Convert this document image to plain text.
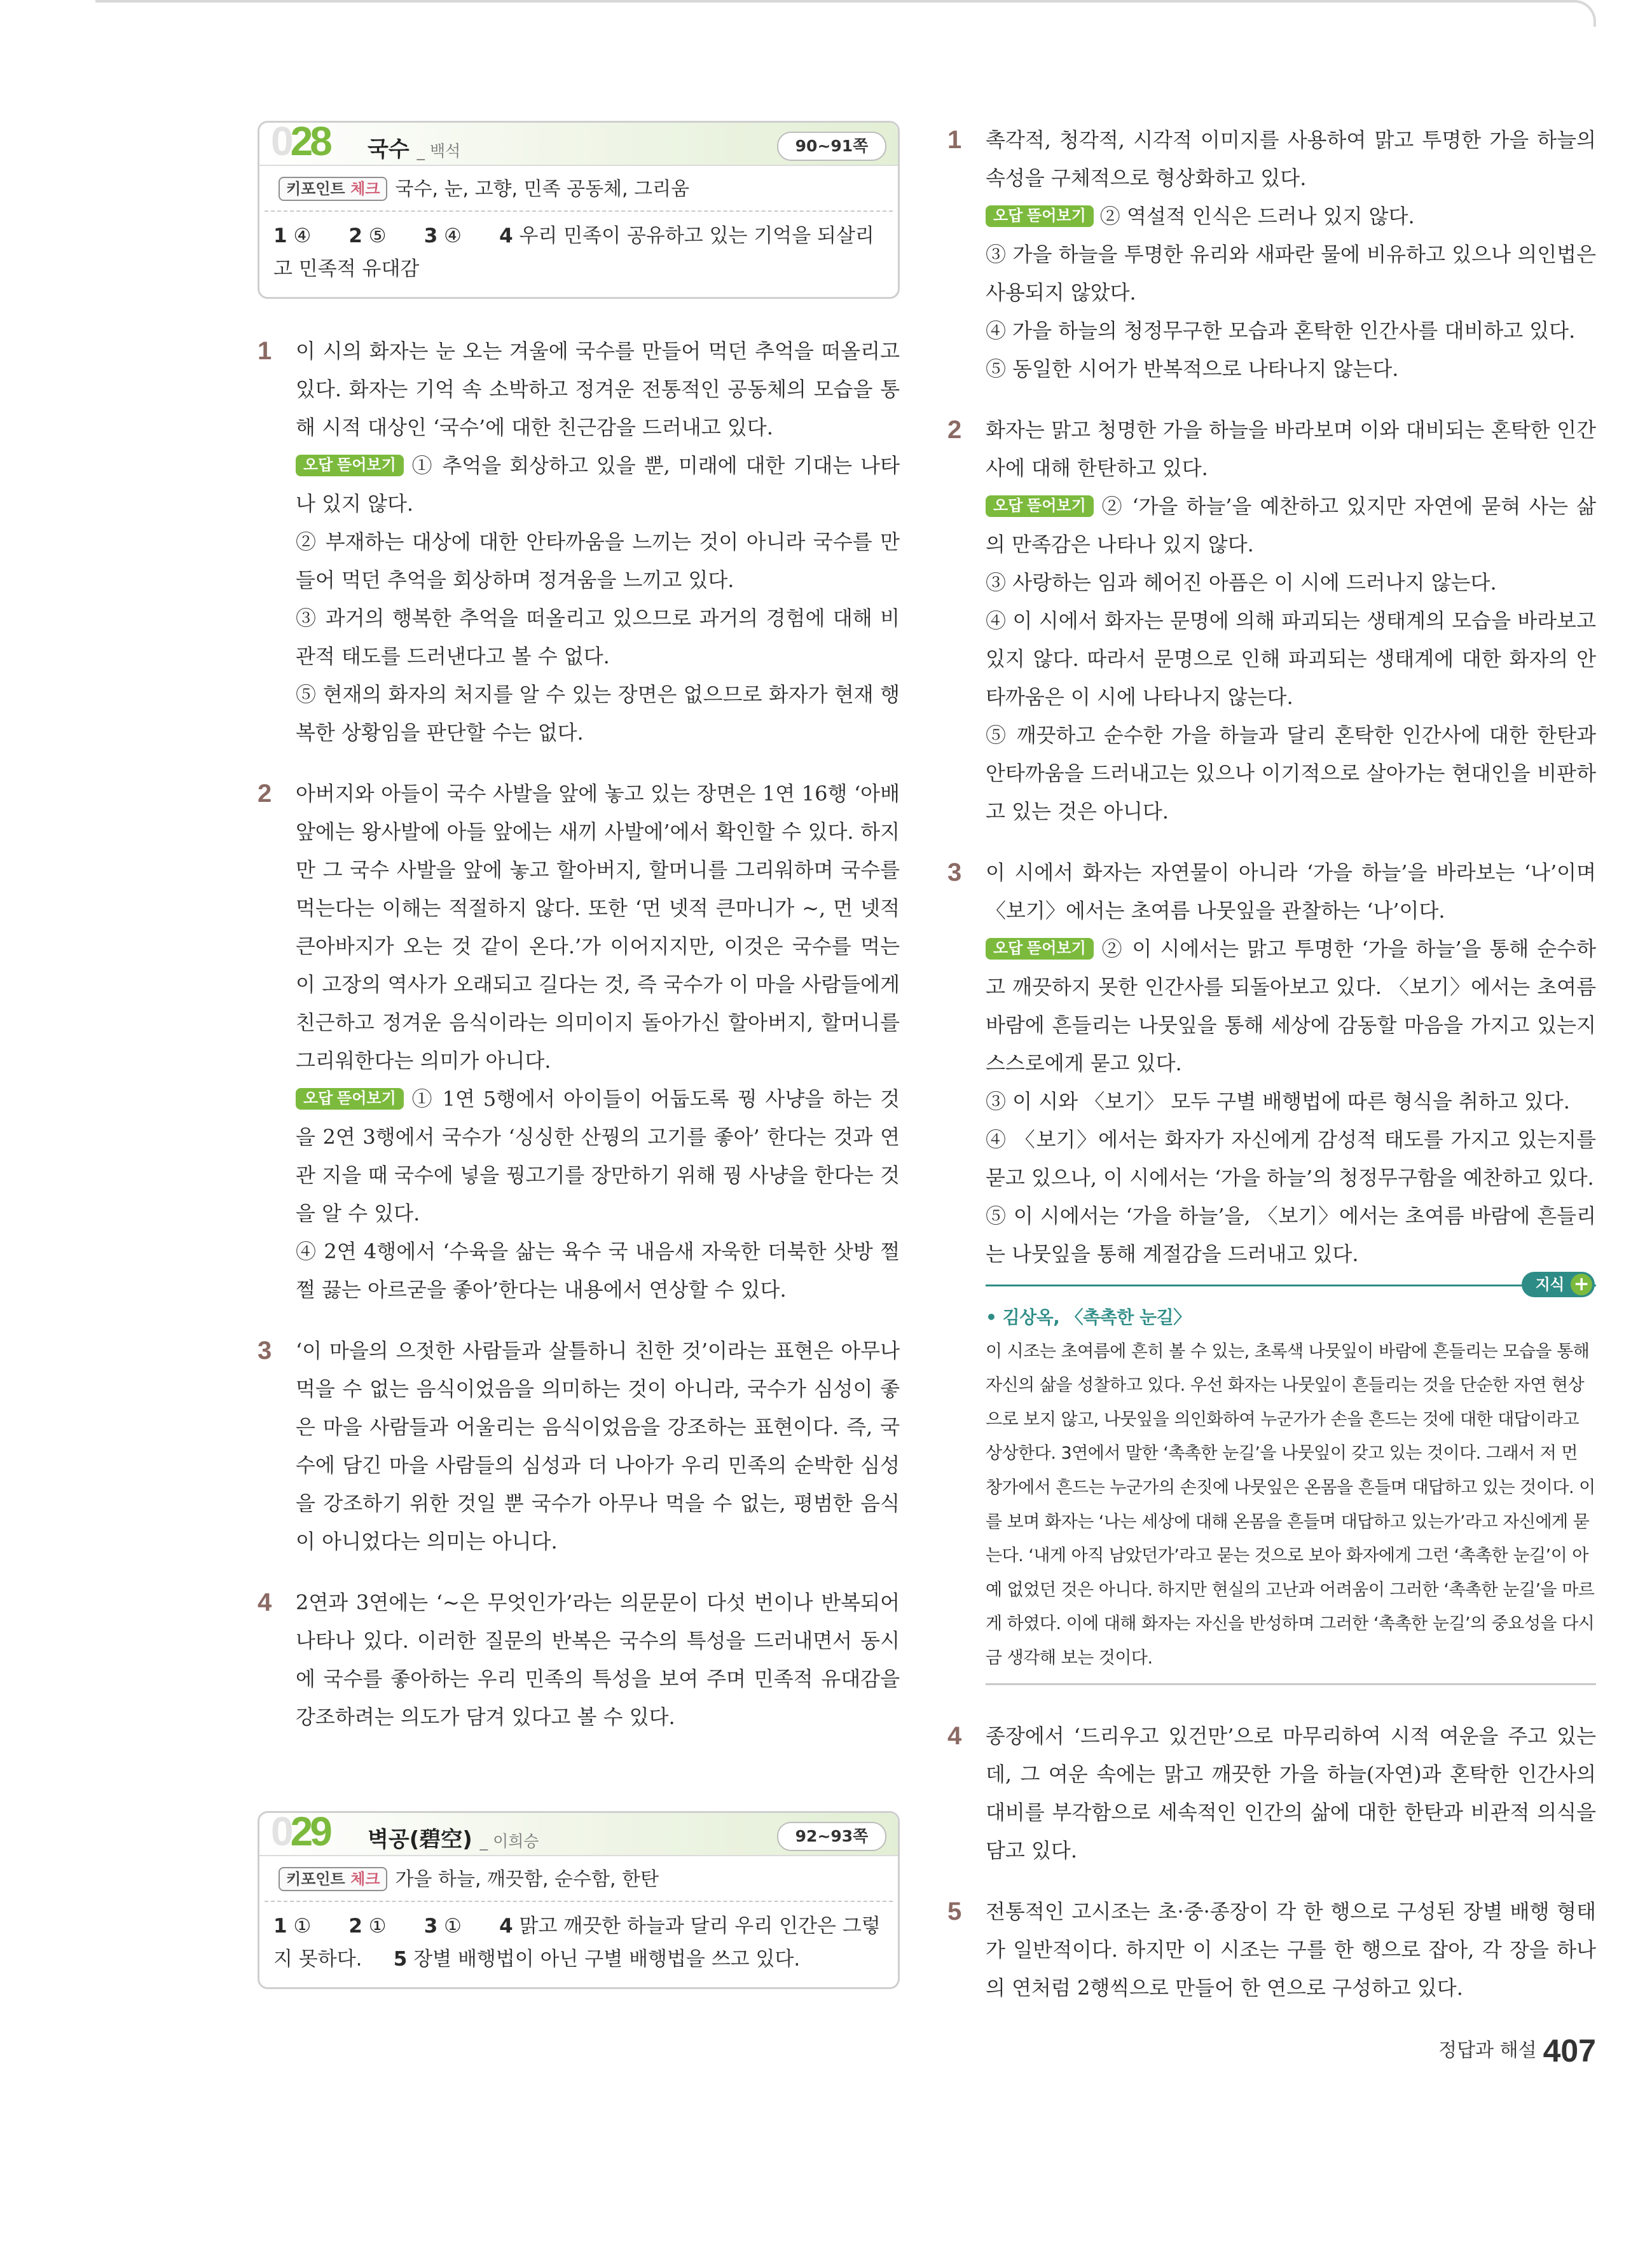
028 국수 _ 백석	90~91쪽
키포인트 체크 국수, 눈, 고향, 민족 공동체, 그리움
1 ④ 2 ⑤ 3 ④ 4 우리 민족이 공유하고 있는 기억을 되살리고 민족적 유대감
1 이 시의 화자는 눈 오는 겨울에 국수를 만들어 먹던 추억을 떠올리고 있다. 화자는 기억 속 소박하고 정겨운 전통적인 공동체의 모습을 통해 시적 대상인 ‘국수’에 대한 친근감을 드러내고 있다.
오답 뜯어보기 ① 추억을 회상하고 있을 뿐, 미래에 대한 기대는 나타나 있지 않다.
② 부재하는 대상에 대한 안타까움을 느끼는 것이 아니라 국수를 만들어 먹던 추억을 회상하며 정겨움을 느끼고 있다.
③ 과거의 행복한 추억을 떠올리고 있으므로 과거의 경험에 대해 비관적 태도를 드러낸다고 볼 수 없다.
⑤ 현재의 화자의 처지를 알 수 있는 장면은 없으므로 화자가 현재 행복한 상황임을 판단할 수는 없다.
2 아버지와 아들이 국수 사발을 앞에 놓고 있는 장면은 1연 16행 ‘아배 앞에는 왕사발에 아들 앞에는 새끼 사발에’에서 확인할 수 있다. 하지만 그 국수 사발을 앞에 놓고 할아버지, 할머니를 그리워하며 국수를 먹는다는 이해는 적절하지 않다. 또한 ‘먼 넷적 큰마니가 ~, 먼 넷적 큰아바지가 오는 것 같이 온다.’가 이어지지만, 이것은 국수를 먹는 이 고장의 역사가 오래되고 길다는 것, 즉 국수가 이 마을 사람들에게 친근하고 정겨운 음식이라는 의미이지 돌아가신 할아버지, 할머니를 그리워한다는 의미가 아니다.
오답 뜯어보기 ① 1연 5행에서 아이들이 어둡도록 꿩 사냥을 하는 것을 2연 3행에서 국수가 ‘싱싱한 산꿩의 고기를 좋아’ 한다는 것과 연관 지을 때 국수에 넣을 꿩고기를 장만하기 위해 꿩 사냥을 한다는 것을 알 수 있다.
④ 2연 4행에서 ‘수육을 삶는 육수 국 내음새 자욱한 더북한 삿방 쩔쩔 끓는 아르굳을 좋아’한다는 내용에서 연상할 수 있다.
3 ‘이 마을의 으젓한 사람들과 살틀하니 친한 것’이라는 표현은 아무나 먹을 수 없는 음식이었음을 의미하는 것이 아니라, 국수가 심성이 좋은 마을 사람들과 어울리는 음식이었음을 강조하는 표현이다. 즉, 국수에 담긴 마을 사람들의 심성과 더 나아가 우리 민족의 순박한 심성을 강조하기 위한 것일 뿐 국수가 아무나 먹을 수 없는, 평범한 음식이 아니었다는 의미는 아니다.
4 2연과 3연에는 ‘~은 무엇인가’라는 의문문이 다섯 번이나 반복되어 나타나 있다. 이러한 질문의 반복은 국수의 특성을 드러내면서 동시에 국수를 좋아하는 우리 민족의 특성을 보여 주며 민족적 유대감을 강조하려는 의도가 담겨 있다고 볼 수 있다.
029 벽공(碧空) _ 이희승	92~93쪽
키포인트 체크 가을 하늘, 깨끗함, 순수함, 한탄
1 ① 2 ① 3 ① 4 맑고 깨끗한 하늘과 달리 우리 인간은 그렇지 못하다. 5 장별 배행법이 아닌 구별 배행법을 쓰고 있다.
1 촉각적, 청각적, 시각적 이미지를 사용하여 맑고 투명한 가을 하늘의 속성을 구체적으로 형상화하고 있다.
오답 뜯어보기 ② 역설적 인식은 드러나 있지 않다.
③ 가을 하늘을 투명한 유리와 새파란 물에 비유하고 있으나 의인법은 사용되지 않았다.
④ 가을 하늘의 청정무구한 모습과 혼탁한 인간사를 대비하고 있다.
⑤ 동일한 시어가 반복적으로 나타나지 않는다.
2 화자는 맑고 청명한 가을 하늘을 바라보며 이와 대비되는 혼탁한 인간사에 대해 한탄하고 있다.
오답 뜯어보기 ② ‘가을 하늘’을 예찬하고 있지만 자연에 묻혀 사는 삶의 만족감은 나타나 있지 않다.
③ 사랑하는 임과 헤어진 아픔은 이 시에 드러나지 않는다.
④ 이 시에서 화자는 문명에 의해 파괴되는 생태계의 모습을 바라보고 있지 않다. 따라서 문명으로 인해 파괴되는 생태계에 대한 화자의 안타까움은 이 시에 나타나지 않는다.
⑤ 깨끗하고 순수한 가을 하늘과 달리 혼탁한 인간사에 대한 한탄과 안타까움을 드러내고는 있으나 이기적으로 살아가는 현대인을 비판하고 있는 것은 아니다.
3 이 시에서 화자는 자연물이 아니라 ‘가을 하늘’을 바라보는 ‘나’이며 〈보기〉에서는 초여름 나뭇잎을 관찰하는 ‘나’이다.
오답 뜯어보기 ② 이 시에서는 맑고 투명한 ‘가을 하늘’을 통해 순수하고 깨끗하지 못한 인간사를 되돌아보고 있다. 〈보기〉에서는 초여름 바람에 흔들리는 나뭇잎을 통해 세상에 감동할 마음을 가지고 있는지 스스로에게 묻고 있다.
③ 이 시와 〈보기〉 모두 구별 배행법에 따른 형식을 취하고 있다.
④ 〈보기〉에서는 화자가 자신에게 감성적 태도를 가지고 있는지를 묻고 있으나, 이 시에서는 ‘가을 하늘’의 청정무구함을 예찬하고 있다.
⑤ 이 시에서는 ‘가을 하늘’을, 〈보기〉에서는 초여름 바람에 흔들리는 나뭇잎을 통해 계절감을 드러내고 있다.
지식 +
• 김상옥, 〈촉촉한 눈길〉
이 시조는 초여름에 흔히 볼 수 있는, 초록색 나뭇잎이 바람에 흔들리는 모습을 통해 자신의 삶을 성찰하고 있다. 우선 화자는 나뭇잎이 흔들리는 것을 단순한 자연 현상으로 보지 않고, 나뭇잎을 의인화하여 누군가가 손을 흔드는 것에 대한 대답이라고 상상한다. 3연에서 말한 ‘촉촉한 눈길’을 나뭇잎이 갖고 있는 것이다. 그래서 저 먼 창가에서 흔드는 누군가의 손짓에 나뭇잎은 온몸을 흔들며 대답하고 있는 것이다. 이를 보며 화자는 ‘나는 세상에 대해 온몸을 흔들며 대답하고 있는가’라고 자신에게 묻는다. ‘내게 아직 남았던가’라고 묻는 것으로 보아 화자에게 그런 ‘촉촉한 눈길’이 아예 없었던 것은 아니다. 하지만 현실의 고난과 어려움이 그러한 ‘촉촉한 눈길’을 마르게 하였다. 이에 대해 화자는 자신을 반성하며 그러한 ‘촉촉한 눈길’의 중요성을 다시금 생각해 보는 것이다.
4 종장에서 ‘드리우고 있건만’으로 마무리하여 시적 여운을 주고 있는데, 그 여운 속에는 맑고 깨끗한 가을 하늘(자연)과 혼탁한 인간사의 대비를 부각함으로 세속적인 인간의 삶에 대한 한탄과 비관적 의식을 담고 있다.
5 전통적인 고시조는 초·중·종장이 각 한 행으로 구성된 장별 배행 형태가 일반적이다. 하지만 이 시조는 구를 한 행으로 잡아, 각 장을 하나의 연처럼 2행씩으로 만들어 한 연으로 구성하고 있다.
정답과 해설 407
